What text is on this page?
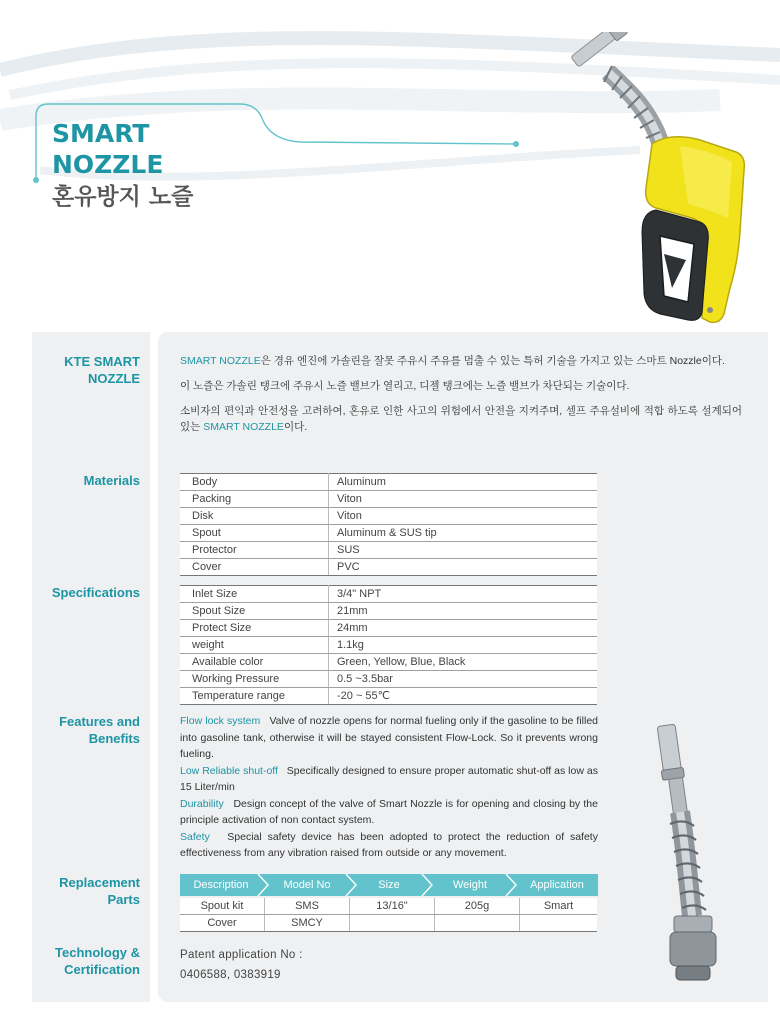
SMART
NOZZLE
혼유방지 노즐
KTE SMART NOZZLE
Materials
Specifications
Features and Benefits
Replacement Parts
Technology & Certification

SMART NOZZLE은 경유 엔진에 가솔린을 잘못 주유시 주유를 멈출 수 있는 특허 기술을 가지고 있는 스마트 Nozzle이다.

이 노즐은 가솔린 탱크에 주유시 노즐 밸브가 열리고, 디젤 탱크에는 노즐 밸브가 차단되는 기술이다.

소비자의 편익과 안전성을 고려하여, 혼유로 인한 사고의 위험에서 안전을 지켜주며, 셀프 주유설비에 적합 하도록 설계되어 있는 SMART NOZZLE이다.

Body	Aluminum
Packing	Viton
Disk	Viton
Spout	Aluminum & SUS tip
Protector	SUS
Cover	PVC
Inlet Size	3/4" NPT
Spout Size	21mm
Protect Size	24mm
weight	1.1kg
Available color	Green, Yellow, Blue, Black
Working Pressure	0.5 ~3.5bar
Temperature range	-20 ~ 55℃

Flow lock system Valve of nozzle opens for normal fueling only if the gasoline to be filled into gasoline tank, otherwise it will be stayed consistent Flow-Lock. So it prevents wrong fueling.

Low Reliable shut-off Specifically designed to ensure proper automatic shut-off as low as 15 Liter/min

Durability Design concept of the valve of Smart Nozzle is for opening and closing by the principle activation of non contact system.

Safety Special safety device has been adopted to protect the reduction of safety effectiveness from any vibration raised from outside or any movement.

Description	Model No	Size	Weight	Application
Spout kit	SMS	13/16"	205g	Smart
Cover	SMCY			
Patent application No :
0406588, 0383919
